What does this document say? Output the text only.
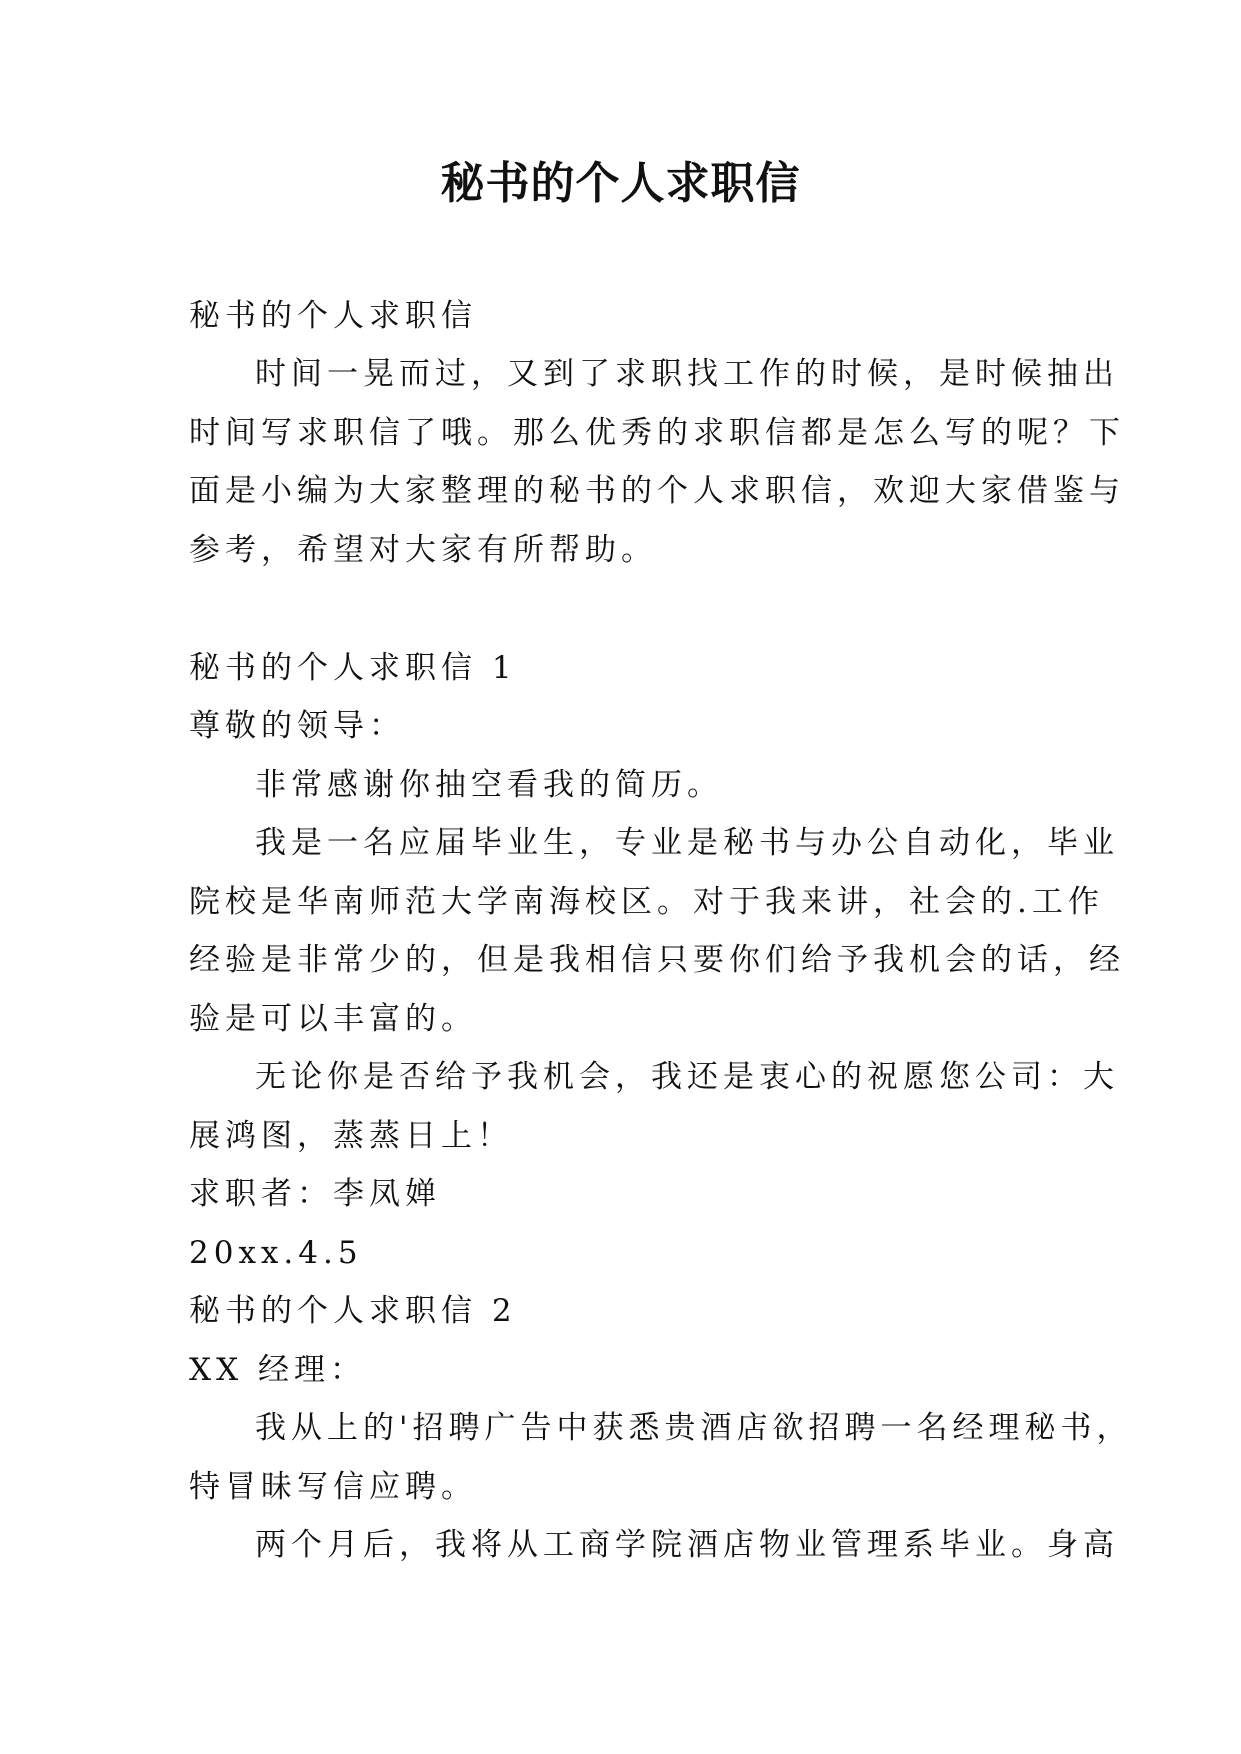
秘书的个人求职信
秘书的个人求职信
时间一晃而过，又到了求职找工作的时候，是时候抽出
时间写求职信了哦。那么优秀的求职信都是怎么写的呢？下
面是小编为大家整理的秘书的个人求职信，欢迎大家借鉴与
参考，希望对大家有所帮助。
秘书的个人求职信 1
尊敬的领导：
非常感谢你抽空看我的简历。
我是一名应届毕业生，专业是秘书与办公自动化，毕业
院校是华南师范大学南海校区。对于我来讲，社会的.工作
经验是非常少的，但是我相信只要你们给予我机会的话，经
验是可以丰富的。
无论你是否给予我机会，我还是衷心的祝愿您公司：大
展鸿图，蒸蒸日上！
求职者：李凤婵
20xx.4.5
秘书的个人求职信 2
XX 经理：
我从上的'招聘广告中获悉贵酒店欲招聘一名经理秘书，
特冒昧写信应聘。
两个月后，我将从工商学院酒店物业管理系毕业。身高
